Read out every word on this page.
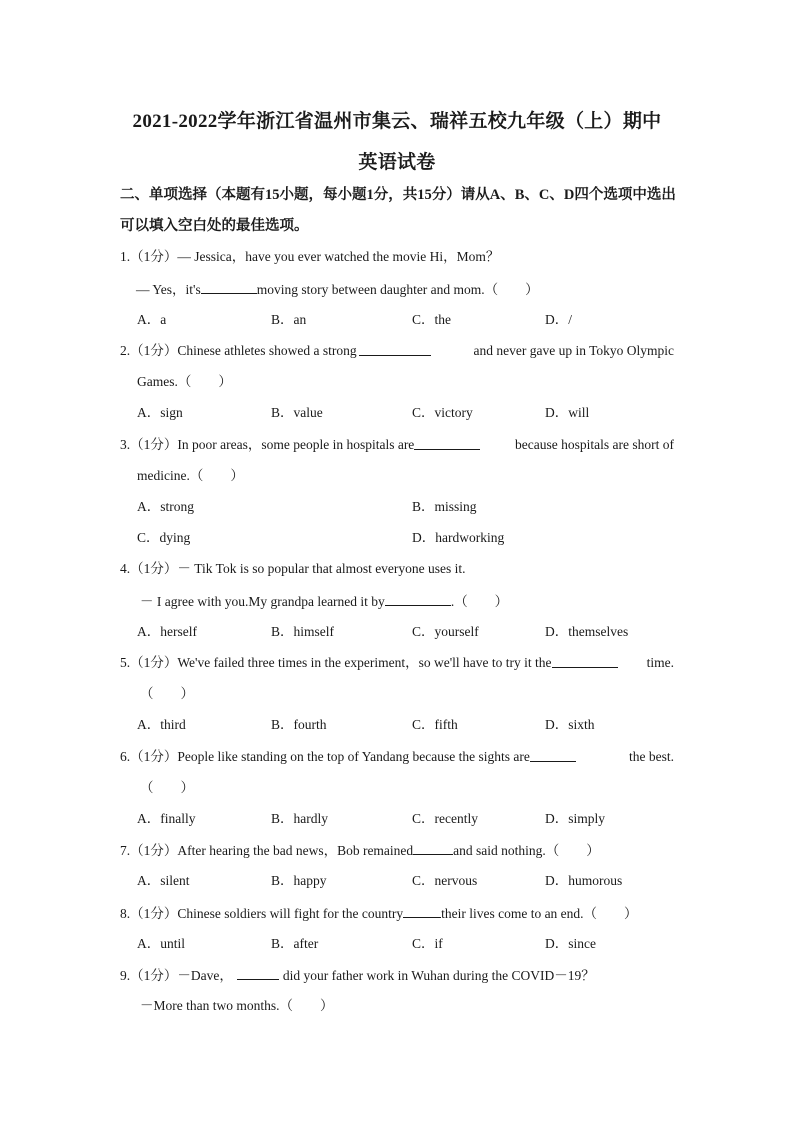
2021-2022学年浙江省温州市集云、瑞祥五校九年级（上）期中
英语试卷
二、单项选择（本题有15小题，每小题1分，共15分）请从A、B、C、D四个选项中选出可以填入空白处的最佳选项。
1.（1分）— Jessica，have you ever watched the movie Hi，Mom？
— Yes，it's	moving story between daughter and mom.（　　）
A．a	B．an	C．the	D．/
2.（1分）Chinese athletes showed a strong	and never gave up in Tokyo Olympic
Games.（　　）
A．sign	B．value	C．victory	D．will
3.（1分）In poor areas，some people in hospitals are	because hospitals are short of
medicine.（　　）
A．strong	B．missing
C．dying	D．hardworking
4.（1分）－ Tik Tok is so popular that almost everyone uses it.
－ I agree with you.My grandpa learned it by	.（　　）
A．herself	B．himself	C．yourself	D．themselves
5.（1分）We've failed three times in the experiment，so we'll have to try it the	time.
（　　）
A．third	B．fourth	C．fifth	D．sixth
6.（1分）People like standing on the top of Yandang because the sights are	the best.
（　　）
A．finally	B．hardly	C．recently	D．simply
7.（1分）After hearing the bad news，Bob remained	and said nothing.（　　）
A．silent	B．happy	C．nervous	D．humorous
8.（1分）Chinese soldiers will fight for the country	their lives come to an end.（　　）
A．until	B．after	C．if	D．since
9.（1分）－Dave，	did your father work in Wuhan during the COVID－19？
－More than two months.（　　）
